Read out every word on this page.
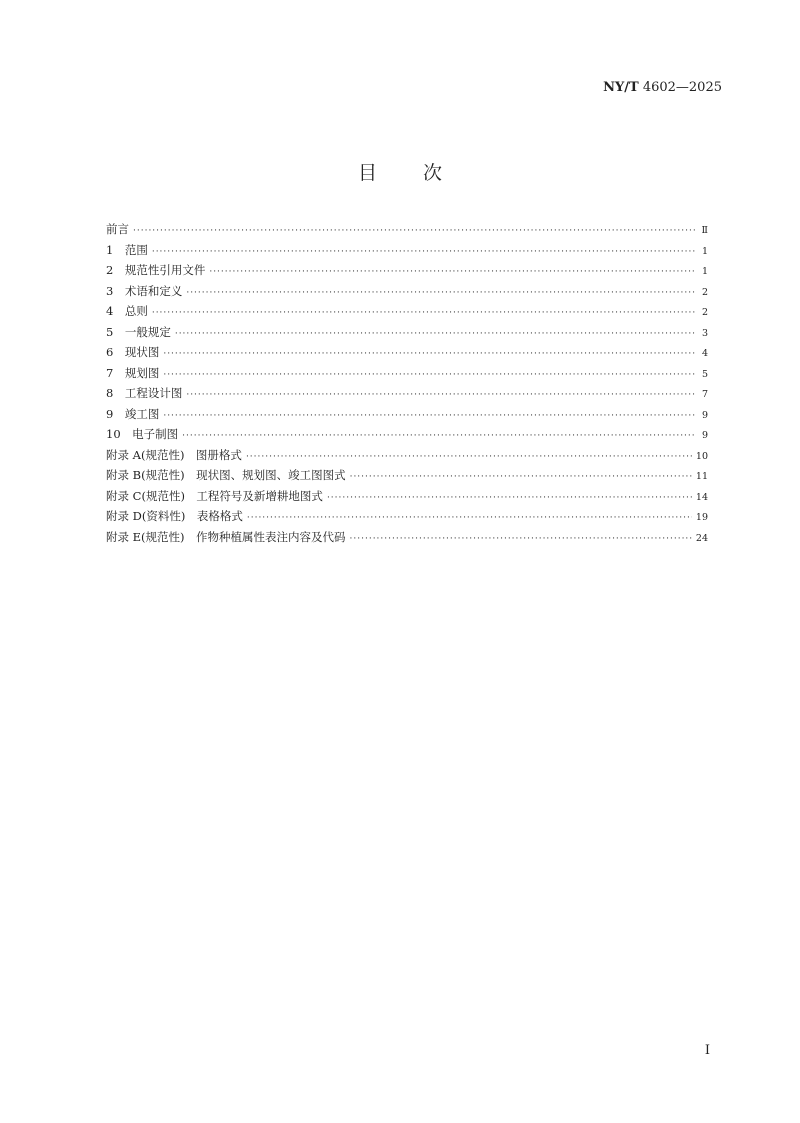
NY/T 4602—2025
目 次
前言 ·····	Ⅱ
1　范围 ·····	1
2　规范性引用文件 ·····	1
3　术语和定义 ·····	2
4　总则 ·····	2
5　一般规定 ·····	3
6　现状图 ·····	4
7　规划图 ·····	5
8　工程设计图 ·····	7
9　竣工图 ·····	9
10　电子制图 ·····	9
附录 A(规范性)　图册格式 ·····	10
附录 B(规范性)　现状图、规划图、竣工图图式 ·····	11
附录 C(规范性)　工程符号及新增耕地图式 ·····	14
附录 D(资料性)　表格格式 ·····	19
附录 E(规范性)　作物种植属性表注内容及代码 ·····	24
Ⅰ
